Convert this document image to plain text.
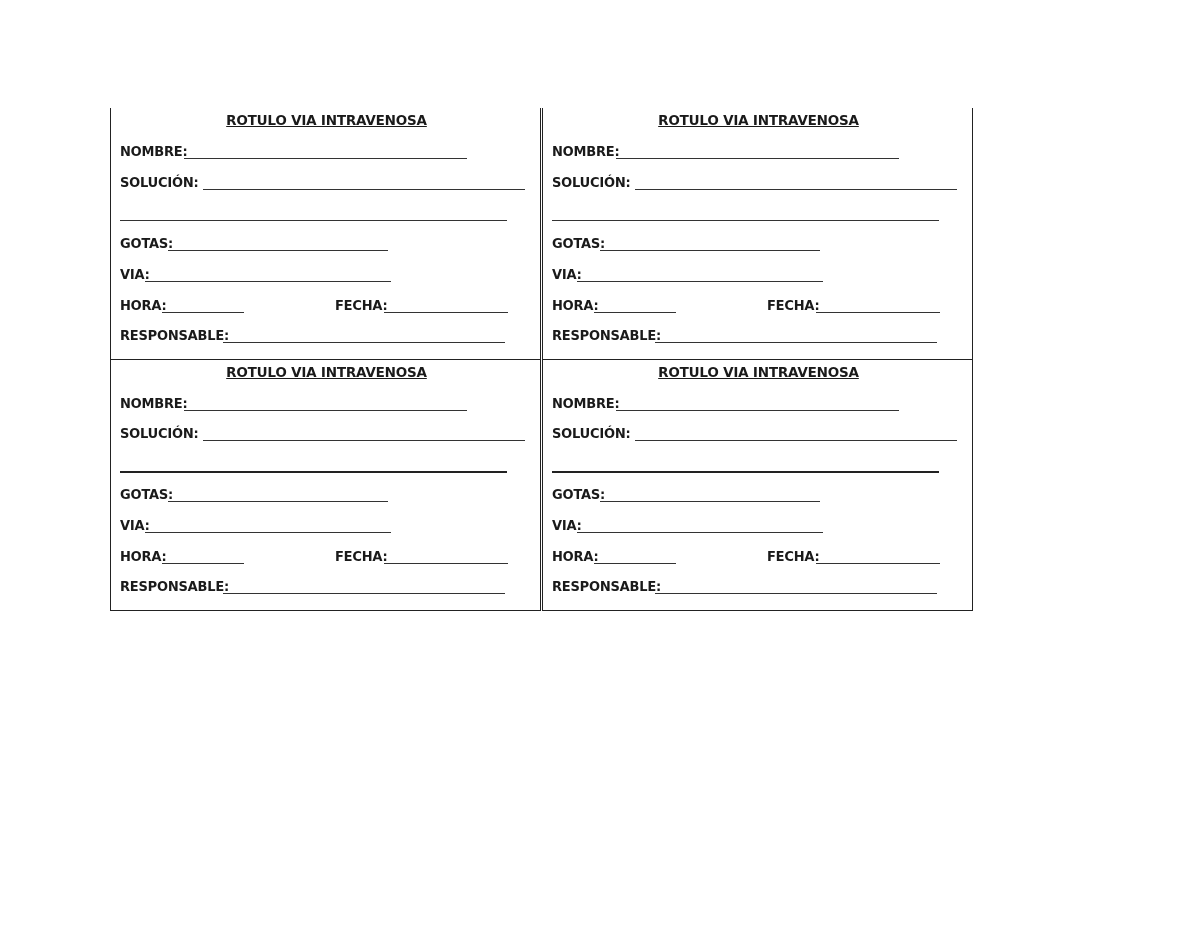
ROTULO VIA INTRAVENOSA
NOMBRE:
SOLUCIÓN:
GOTAS:
VIA:
HORA:	FECHA:
RESPONSABLE:
ROTULO VIA INTRAVENOSA
NOMBRE:
SOLUCIÓN:
GOTAS:
VIA:
HORA:	FECHA:
RESPONSABLE:
ROTULO VIA INTRAVENOSA
NOMBRE:
SOLUCIÓN:
GOTAS:
VIA:
HORA:	FECHA:
RESPONSABLE:
ROTULO VIA INTRAVENOSA
NOMBRE:
SOLUCIÓN:
GOTAS:
VIA:
HORA:	FECHA:
RESPONSABLE:
